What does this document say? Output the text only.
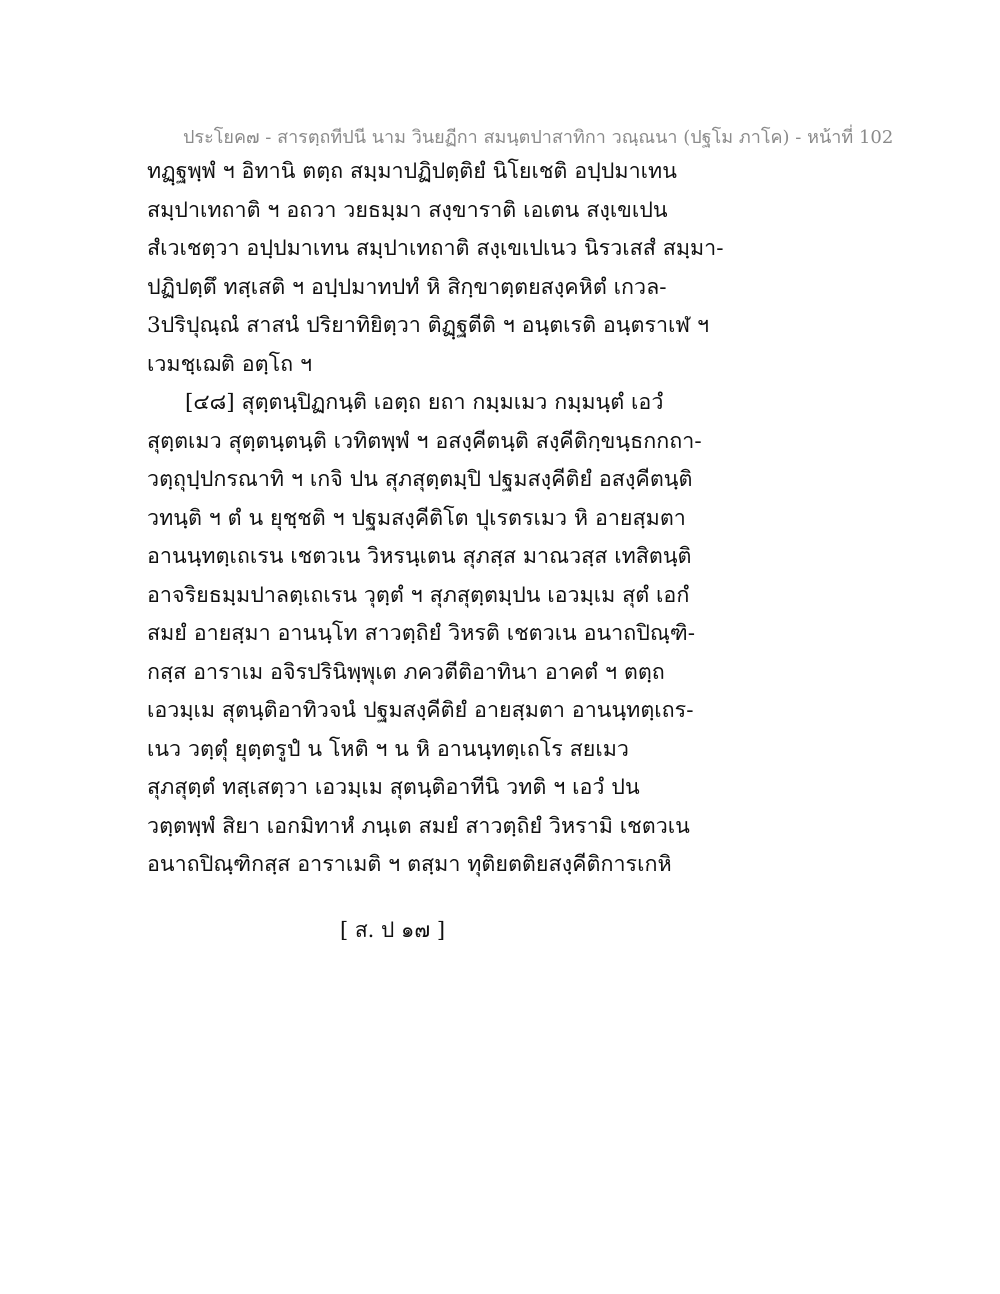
ประโยค๗ - สารตฺถทีปนี นาม วินยฏีกา สมนฺตปาสาทิกา วณฺณนา (ปฐโม ภาโค) - หน้าที่ 102
ทฏฺฐพฺพํ ฯ อิทานิ ตตฺถ สมฺมาปฏิปตฺติยํ นิโยเชติ อปฺปมาเทน
สมฺปาเทถาติ ฯ อถวา วยธมฺมา สงฺขาราติ เอเตน สงฺเขเปน
สํเวเชตฺวา อปฺปมาเทน สมฺปาเทถาติ สงฺเขเปเนว นิรวเสสํ สมฺมา-
ปฏิปตฺตึ ทสฺเสติ ฯ อปฺปมาทปทํ หิ สิกฺขาตฺตยสงฺคหิตํ เกวล-
3ปริปุณฺณํ สาสนํ ปริยาทิยิตฺวา ติฏฺฐตีติ ฯ อนฺตเรติ อนฺตราเฬ ฯ
เวมชฺเฌติ อตฺโถ ฯ
[๔๘] สุตฺตนฺปิฏกนฺติ เอตฺถ ยถา กมฺมเมว กมฺมนฺตํ เอวํ
สุตฺตเมว สุตฺตนฺตนฺติ เวทิตพฺพํ ฯ อสงฺคีตนฺติ สงฺคีติกฺขนฺธกกถา-
วตฺถุปฺปกรณาทิ ฯ เกจิ ปน สุภสุตฺตมฺปิ ปฐมสงฺคีติยํ อสงฺคีตนฺติ
วทนฺติ ฯ ตํ น ยุชฺชติ ฯ ปฐมสงฺคีติโต ปุเรตรเมว หิ อายสฺมตา
อานนฺทตฺเถเรน เชตวเน วิหรนฺเตน สุภสฺส มาณวสฺส เทสิตนฺติ
อาจริยธมฺมปาลตฺเถเรน วุตฺตํ ฯ สุภสุตฺตมฺปน เอวมฺเม สุตํ เอกํ
สมยํ อายสฺมา อานนฺโท สาวตฺถิยํ วิหรติ เชตวเน อนาถปิณฺฑิ-
กสฺส อาราเม อจิรปรินิพฺพุเต ภควตีติอาทินา อาคตํ ฯ ตตฺถ
เอวมฺเม สุตนฺติอาทิวจนํ ปฐมสงฺคีติยํ อายสฺมตา อานนฺทตฺเถร-
เนว วตฺตุํ ยุตฺตรูปํ น โหติ ฯ น หิ อานนฺทตฺเถโร สยเมว
สุภสุตฺตํ ทสฺเสตฺวา เอวมฺเม สุตนฺติอาทีนิ วทติ ฯ เอวํ ปน
วตฺตพฺพํ สิยา เอกมิทาหํ ภนฺเต สมยํ สาวตฺถิยํ วิหรามิ เชตวเน
อนาถปิณฺฑิกสฺส อาราเมติ ฯ ตสฺมา ทุติยตติยสงฺคีติการเกหิ
[ ส. ป ๑๗ ]
